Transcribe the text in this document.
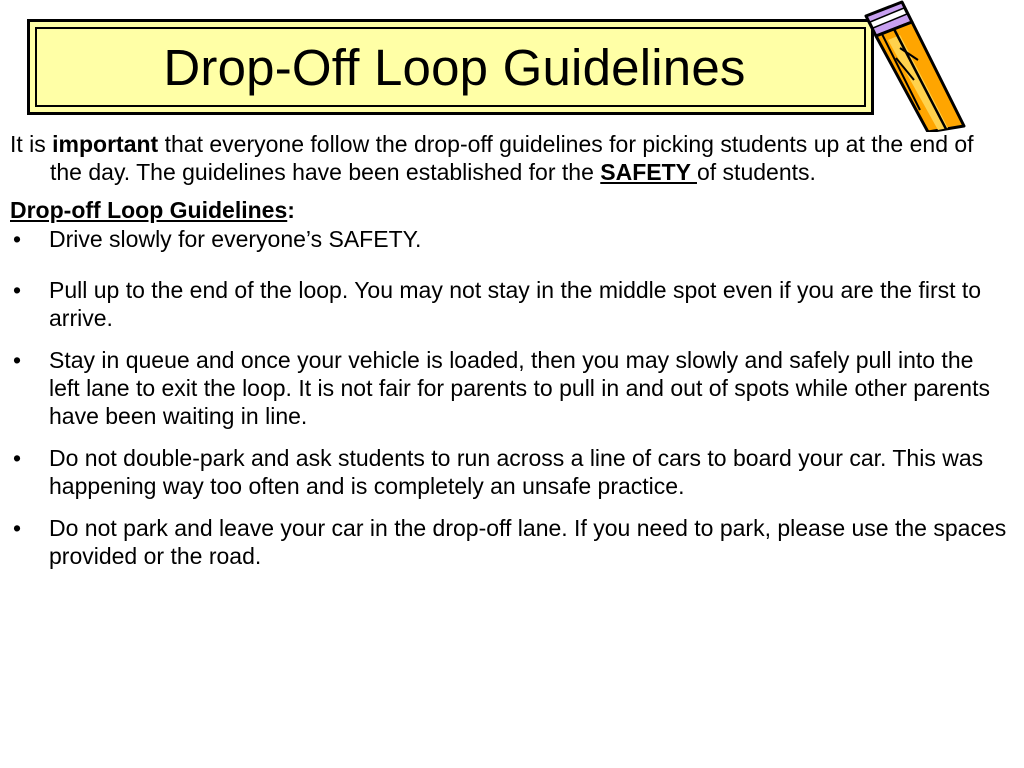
Drop-Off Loop Guidelines

It is important that everyone follow the drop-off guidelines for picking students up at the end of the day. The guidelines have been established for the SAFETY of students.

Drop-off Loop Guidelines:

• Drive slowly for everyone’s SAFETY.
• Pull up to the end of the loop. You may not stay in the middle spot even if you are the first to arrive.
• Stay in queue and once your vehicle is loaded, then you may slowly and safely pull into the left lane to exit the loop. It is not fair for parents to pull in and out of spots while other parents have been waiting in line.
• Do not double-park and ask students to run across a line of cars to board your car. This was happening way too often and is completely an unsafe practice.
• Do not park and leave your car in the drop-off lane. If you need to park, please use the spaces provided or the road.
